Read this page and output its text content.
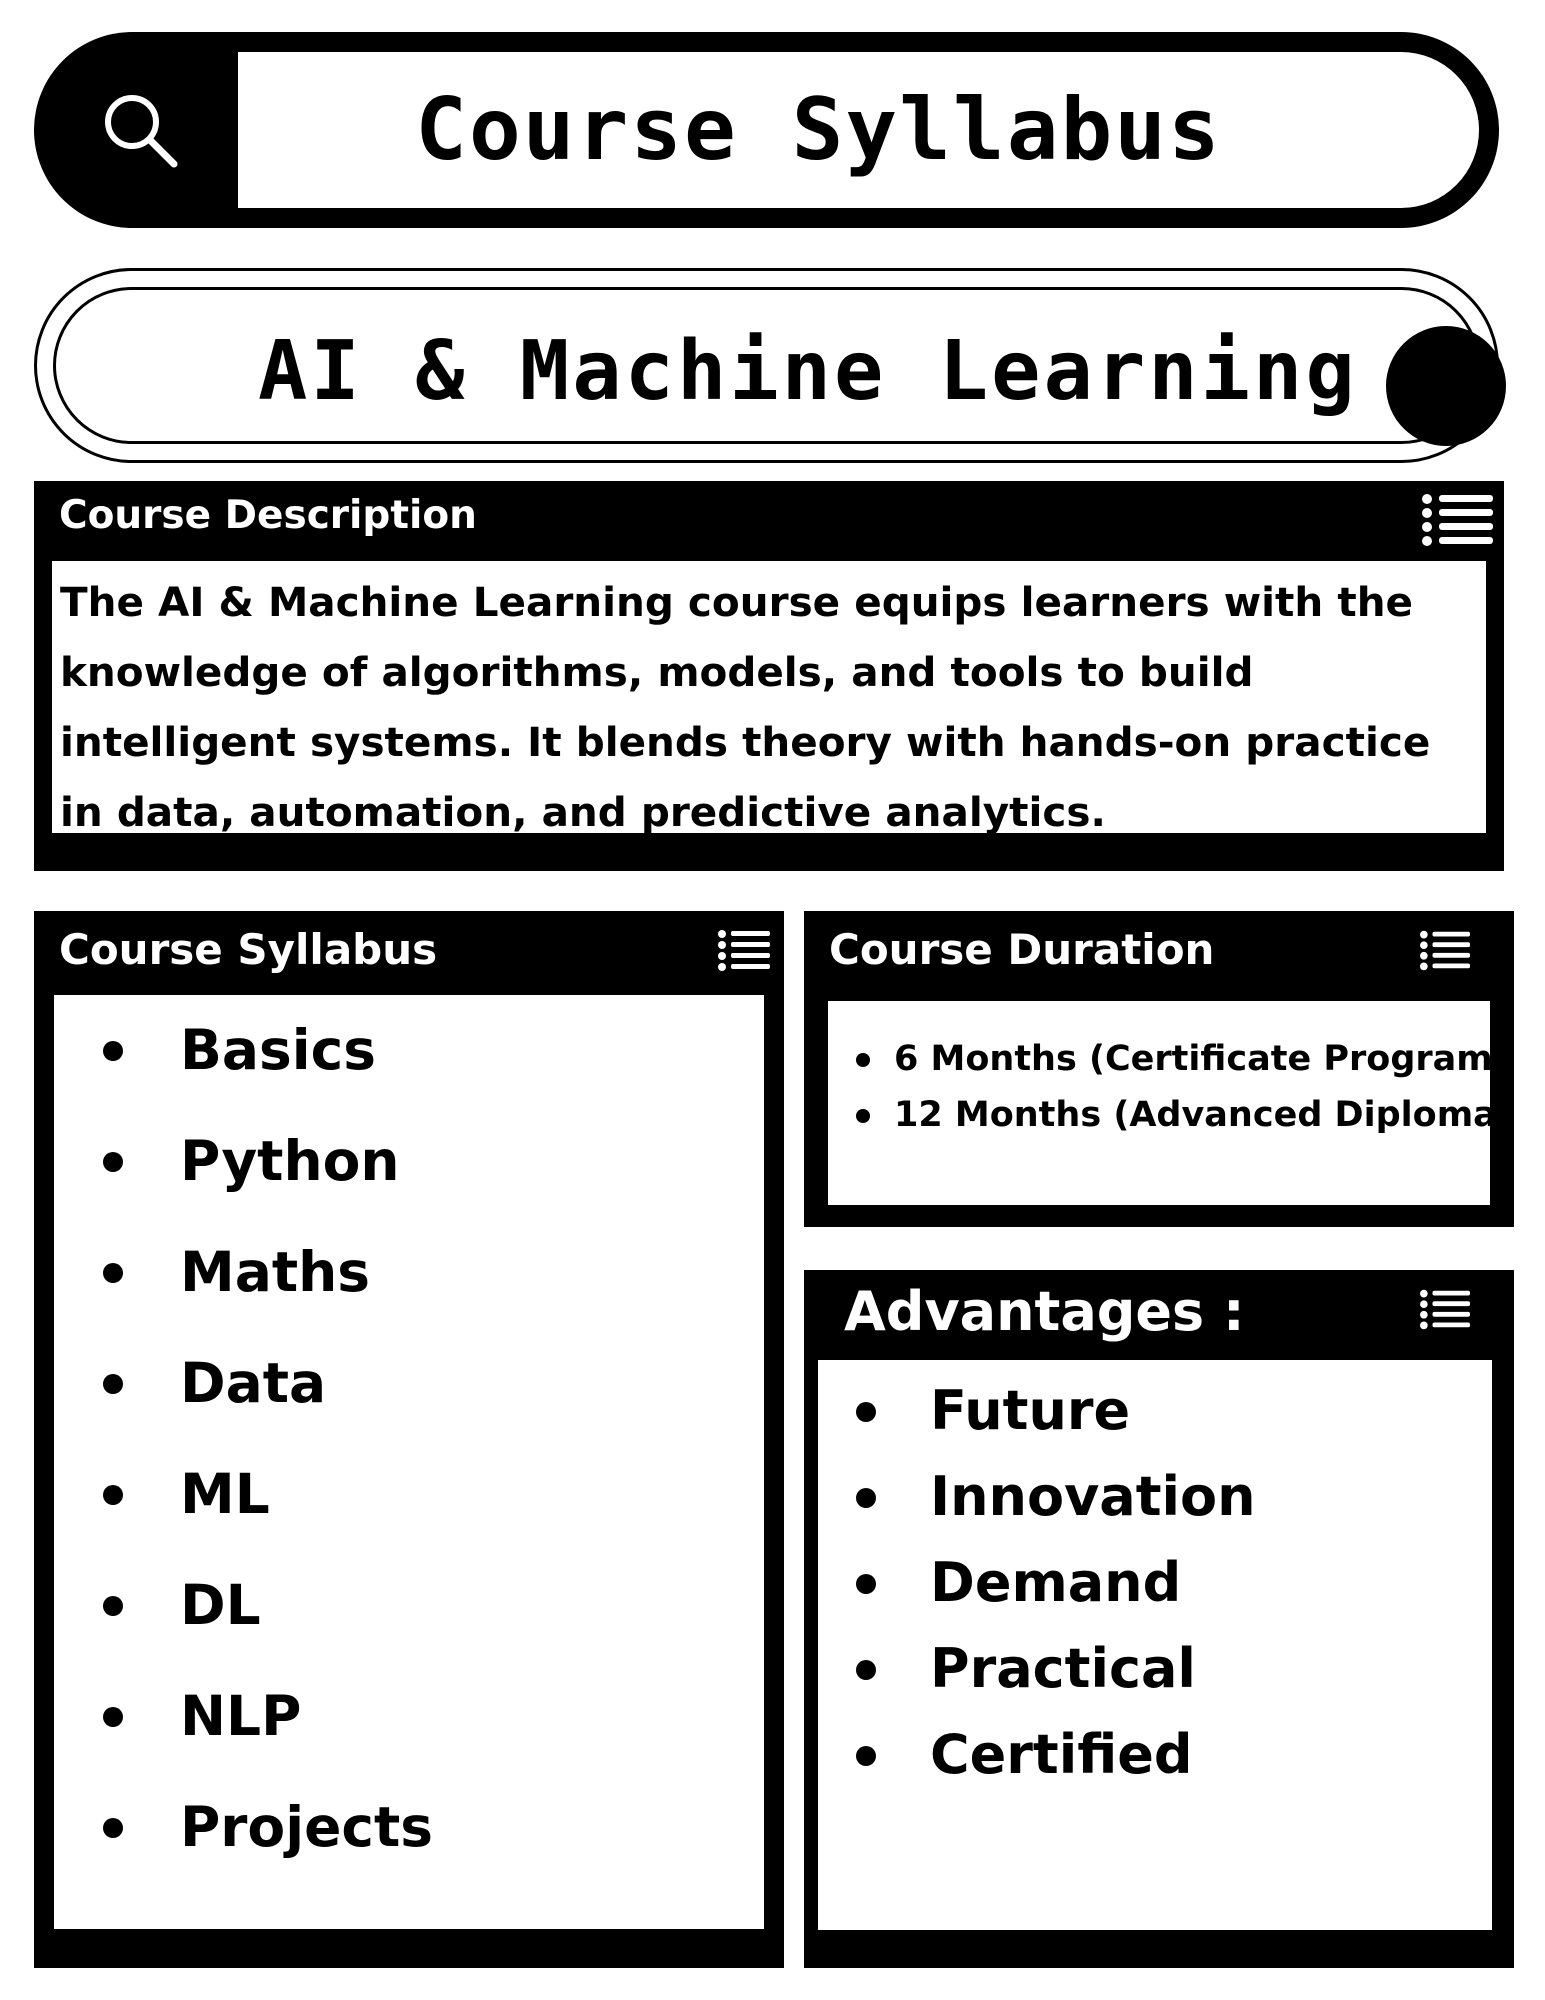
Course Syllabus
AI & Machine Learning
Course Description

The AI & Machine Learning course equips learners with the knowledge of algorithms, models, and tools to build intelligent systems. It blends theory with hands-on practice in data, automation, and predictive analytics.

Course Syllabus
Basics
Python
Maths
Data
ML
DL
NLP
Projects
Course Duration
6 Months (Certificate Program)
12 Months (Advanced Diploma)
Advantages :
Future
Innovation
Demand
Practical
Certified
